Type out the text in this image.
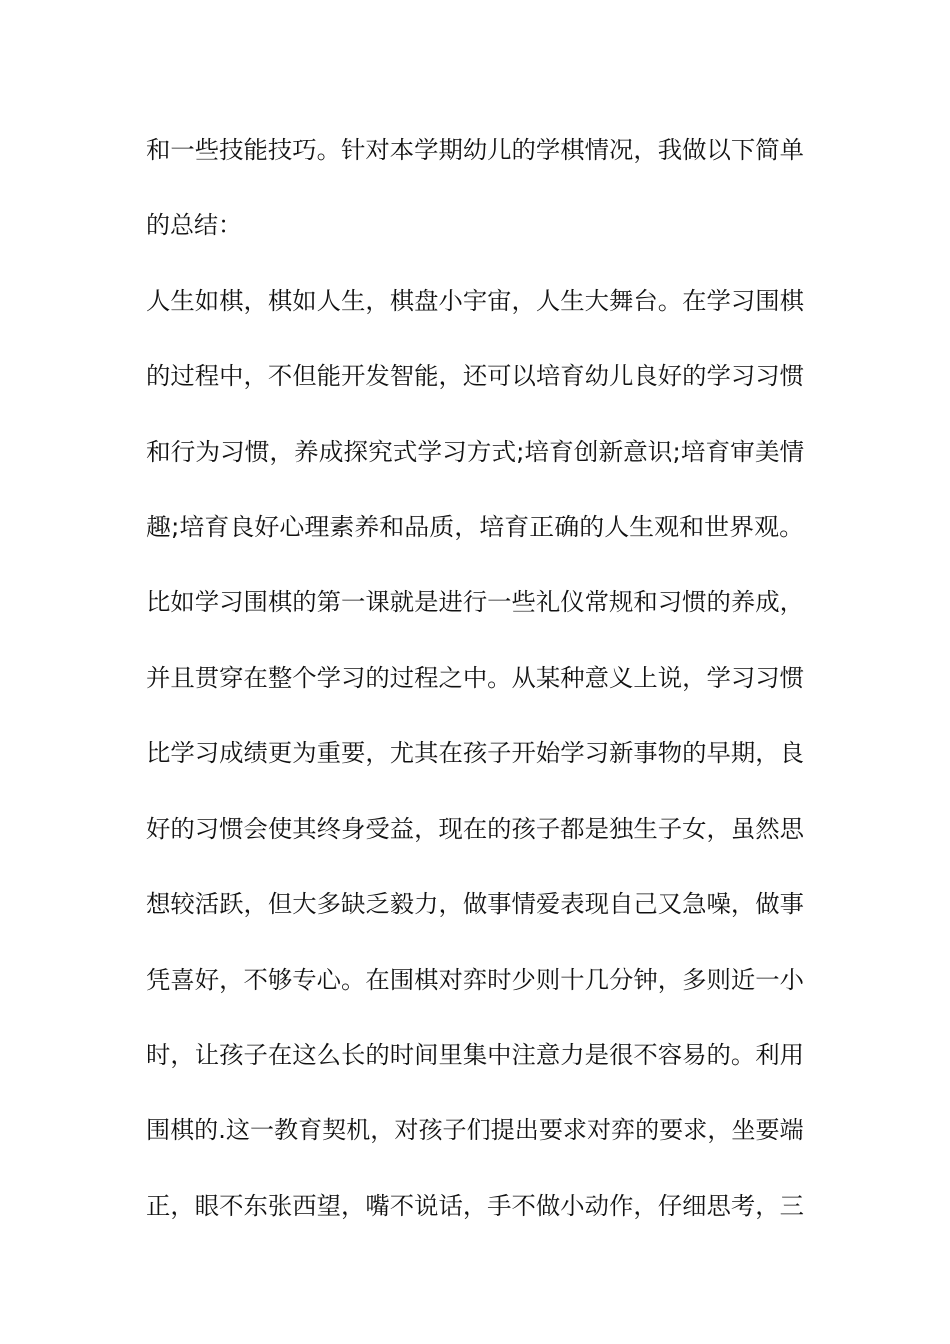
和一些技能技巧。针对本学期幼儿的学棋情况，我做以下简单

的总结：

人生如棋，棋如人生，棋盘小宇宙，人生大舞台。在学习围棋

的过程中，不但能开发智能，还可以培育幼儿良好的学习习惯

和行为习惯，养成探究式学习方式;培育创新意识;培育审美情

趣;培育良好心理素养和品质，培育正确的人生观和世界观。

比如学习围棋的第一课就是进行一些礼仪常规和习惯的养成，

并且贯穿在整个学习的过程之中。从某种意义上说，学习习惯

比学习成绩更为重要，尤其在孩子开始学习新事物的早期，良

好的习惯会使其终身受益，现在的孩子都是独生子女，虽然思

想较活跃，但大多缺乏毅力，做事情爱表现自己又急噪，做事

凭喜好，不够专心。在围棋对弈时少则十几分钟，多则近一小

时，让孩子在这么长的时间里集中注意力是很不容易的。利用

围棋的.这一教育契机，对孩子们提出要求对弈的要求，坐要端

正，眼不东张西望，嘴不说话，手不做小动作，仔细思考，三
